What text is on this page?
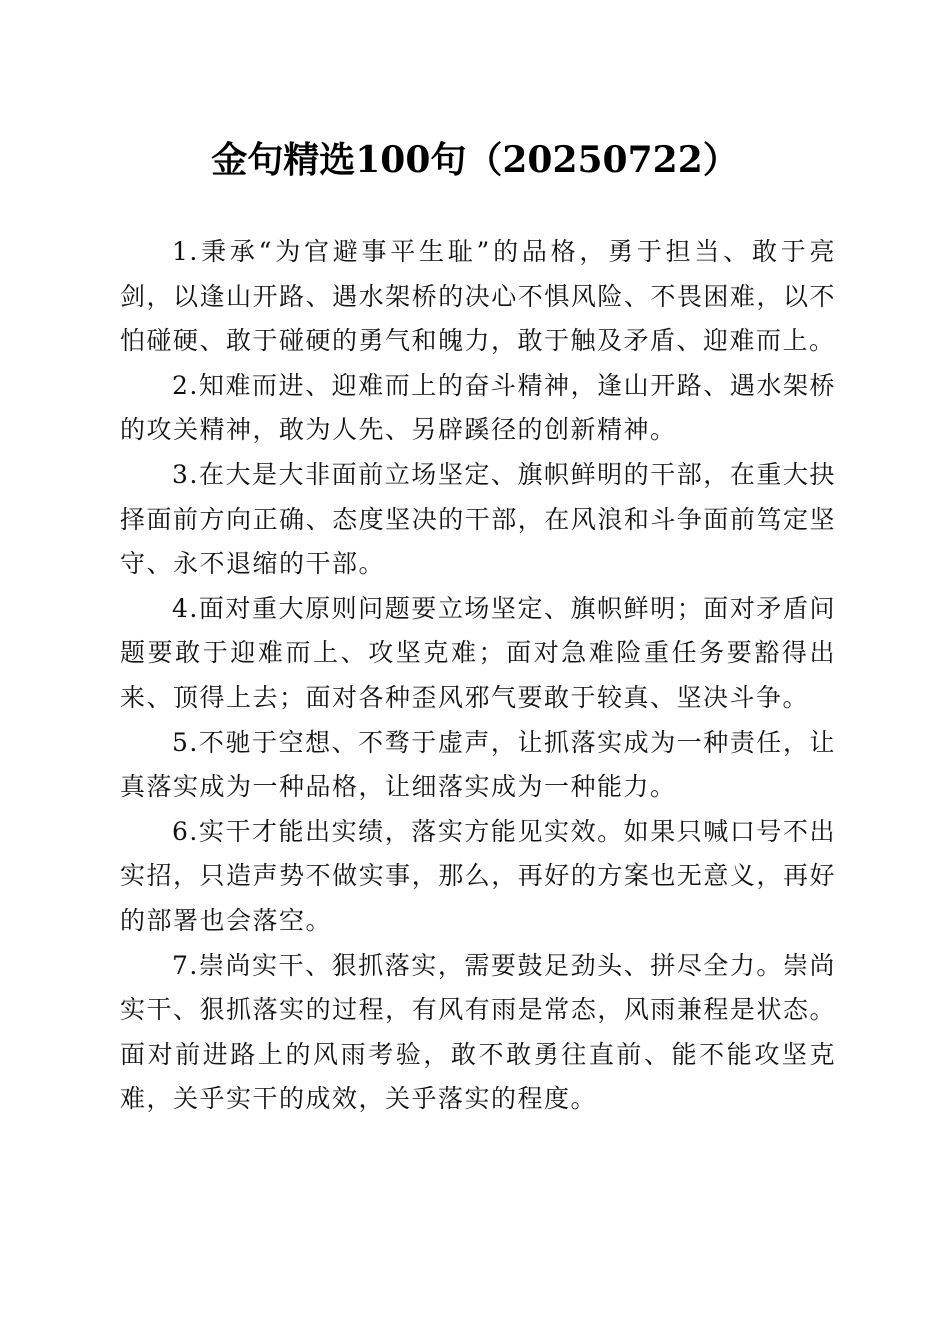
金句精选100句（20250722）

1.秉承“为官避事平生耻”的品格，勇于担当、敢于亮剑，以逢山开路、遇水架桥的决心不惧风险、不畏困难，以不怕碰硬、敢于碰硬的勇气和魄力，敢于触及矛盾、迎难而上。

2.知难而进、迎难而上的奋斗精神，逢山开路、遇水架桥的攻关精神，敢为人先、另辟蹊径的创新精神。

3.在大是大非面前立场坚定、旗帜鲜明的干部，在重大抉择面前方向正确、态度坚决的干部，在风浪和斗争面前笃定坚守、永不退缩的干部。

4.面对重大原则问题要立场坚定、旗帜鲜明；面对矛盾问题要敢于迎难而上、攻坚克难；面对急难险重任务要豁得出来、顶得上去；面对各种歪风邪气要敢于较真、坚决斗争。

5.不驰于空想、不骛于虚声，让抓落实成为一种责任，让真落实成为一种品格，让细落实成为一种能力。

6.实干才能出实绩，落实方能见实效。如果只喊口号不出实招，只造声势不做实事，那么，再好的方案也无意义，再好的部署也会落空。

7.崇尚实干、狠抓落实，需要鼓足劲头、拼尽全力。崇尚实干、狠抓落实的过程，有风有雨是常态，风雨兼程是状态。面对前进路上的风雨考验，敢不敢勇往直前、能不能攻坚克难，关乎实干的成效，关乎落实的程度。
